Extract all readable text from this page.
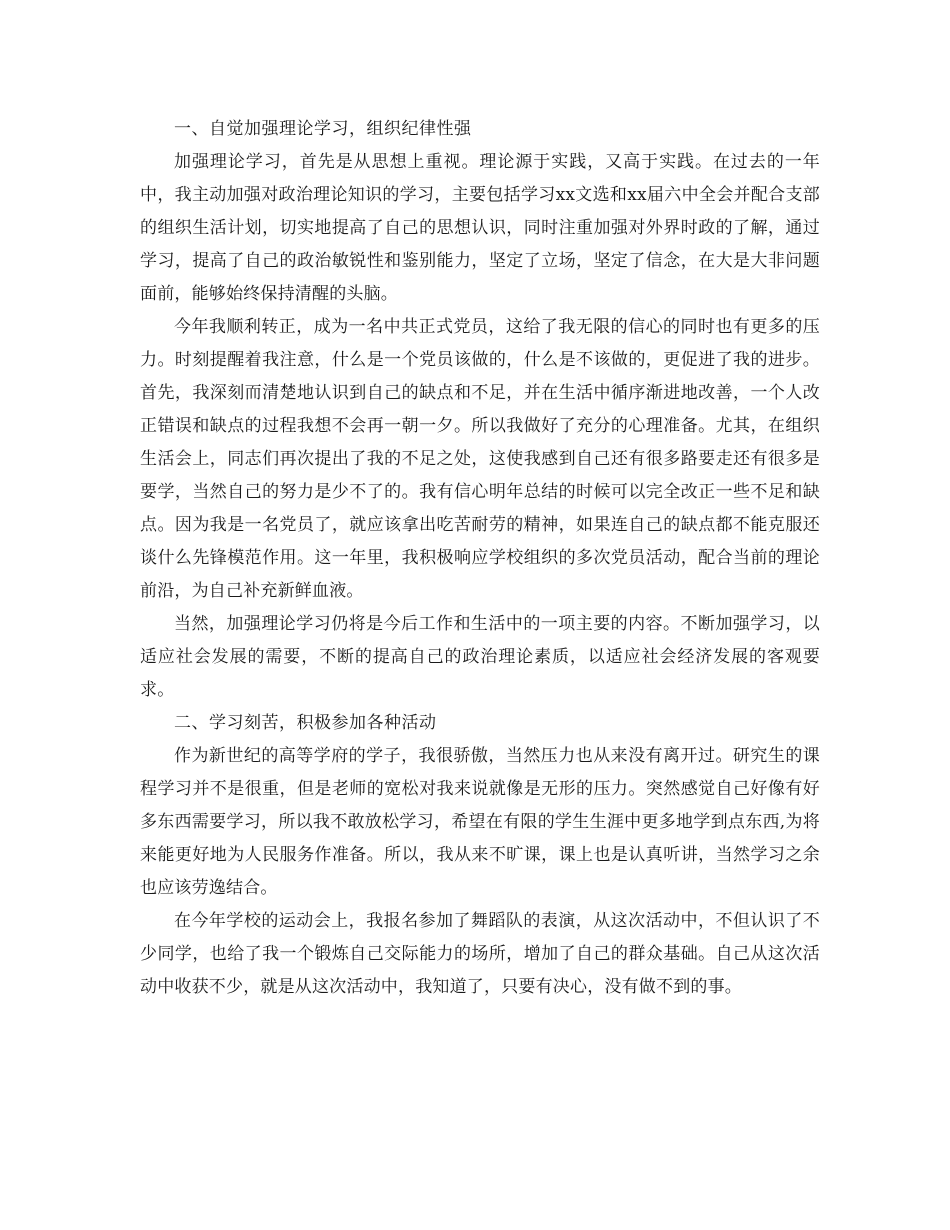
一、自觉加强理论学习，组织纪律性强

加强理论学习，首先是从思想上重视。理论源于实践，又高于实践。在过去的一年中，我主动加强对政治理论知识的学习，主要包括学习xx文选和xx届六中全会并配合支部的组织生活计划，切实地提高了自己的思想认识，同时注重加强对外界时政的了解，通过学习，提高了自己的政治敏锐性和鉴别能力，坚定了立场，坚定了信念，在大是大非问题面前，能够始终保持清醒的头脑。

今年我顺利转正，成为一名中共正式党员，这给了我无限的信心的同时也有更多的压力。时刻提醒着我注意，什么是一个党员该做的，什么是不该做的，更促进了我的进步。首先，我深刻而清楚地认识到自己的缺点和不足，并在生活中循序渐进地改善，一个人改正错误和缺点的过程我想不会再一朝一夕。所以我做好了充分的心理准备。尤其，在组织生活会上，同志们再次提出了我的不足之处，这使我感到自己还有很多路要走还有很多是要学，当然自己的努力是少不了的。我有信心明年总结的时候可以完全改正一些不足和缺点。因为我是一名党员了，就应该拿出吃苦耐劳的精神，如果连自己的缺点都不能克服还谈什么先锋模范作用。这一年里，我积极响应学校组织的多次党员活动，配合当前的理论前沿，为自己补充新鲜血液。

当然，加强理论学习仍将是今后工作和生活中的一项主要的内容。不断加强学习，以适应社会发展的需要，不断的提高自己的政治理论素质，以适应社会经济发展的客观要求。

二、学习刻苦，积极参加各种活动

作为新世纪的高等学府的学子，我很骄傲，当然压力也从来没有离开过。研究生的课程学习并不是很重，但是老师的宽松对我来说就像是无形的压力。突然感觉自己好像有好多东西需要学习，所以我不敢放松学习，希望在有限的学生生涯中更多地学到点东西,为将来能更好地为人民服务作准备。所以，我从来不旷课，课上也是认真听讲，当然学习之余也应该劳逸结合。

在今年学校的运动会上，我报名参加了舞蹈队的表演，从这次活动中，不但认识了不少同学，也给了我一个锻炼自己交际能力的场所，增加了自己的群众基础。自己从这次活动中收获不少，就是从这次活动中，我知道了，只要有决心，没有做不到的事。
